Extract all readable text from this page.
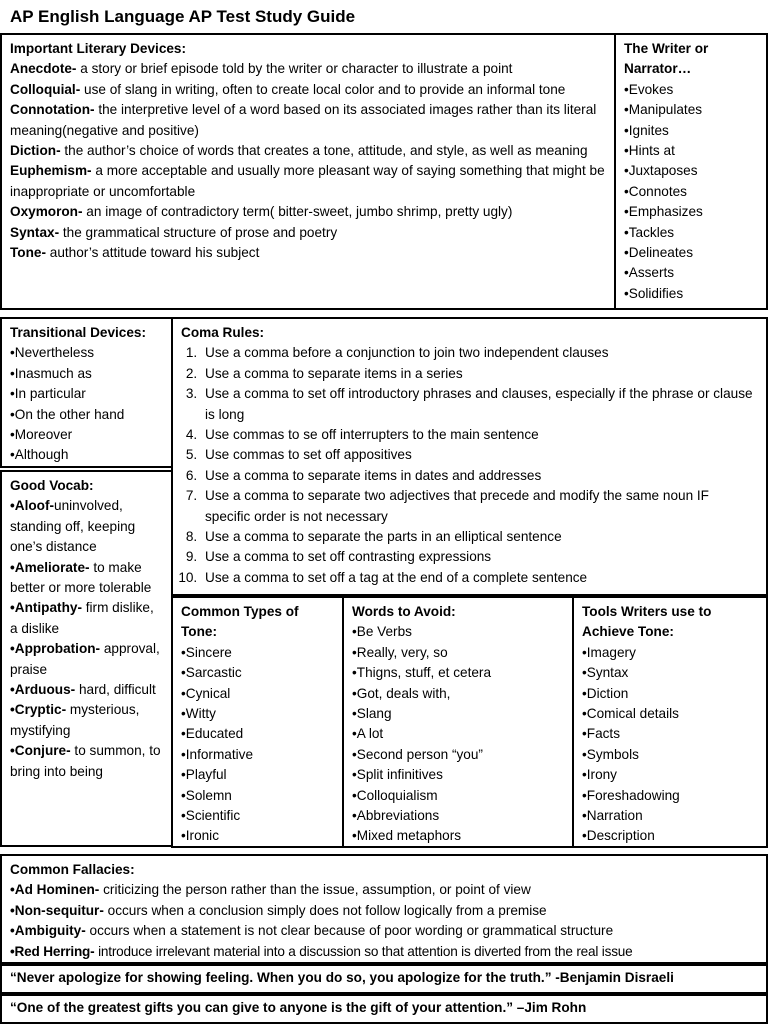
AP English Language AP Test Study Guide
Important Literary Devices:
Anecdote- a story or brief episode told by the writer or character to illustrate a point
Colloquial- use of slang in writing, often to create local color and to provide an informal tone
Connotation- the interpretive level of a word based on its associated images rather than its literal meaning(negative and positive)
Diction- the author’s choice of words that creates a tone, attitude, and style, as well as meaning
Euphemism- a more acceptable and usually more pleasant way of saying something that might be inappropriate or uncomfortable
Oxymoron- an image of contradictory term( bitter-sweet, jumbo shrimp, pretty ugly)
Syntax- the grammatical structure of prose and poetry
Tone- author’s attitude toward his subject
The Writer or
Narrator…
•Evokes
•Manipulates
•Ignites
•Hints at
•Juxtaposes
•Connotes
•Emphasizes
•Tackles
•Delineates
•Asserts
•Solidifies
Transitional Devices:
•Nevertheless
•Inasmuch as
•In particular
•On the other hand
•Moreover
•Although
Good Vocab:
•Aloof-uninvolved, standing off, keeping one’s distance
•Ameliorate- to make better or more tolerable
•Antipathy- firm dislike, a dislike
•Approbation- approval, praise
•Arduous- hard, difficult
•Cryptic- mysterious, mystifying
•Conjure- to summon, to bring into being
Coma Rules:
1. Use a comma before a conjunction to join two independent clauses
2. Use a comma to separate items in a series
3. Use a comma to set off introductory phrases and clauses, especially if the phrase or clause is long
4. Use commas to se off interrupters to the main sentence
5. Use commas to set off appositives
6. Use a comma to separate items in dates and addresses
7. Use a comma to separate two adjectives that precede and modify the same noun IF specific order is not necessary
8. Use a comma to separate the parts in an elliptical sentence
9. Use a comma to set off contrasting expressions
10. Use a comma to set off a tag at the end of a complete sentence
Common Types of Tone:
•Sincere
•Sarcastic
•Cynical
•Witty
•Educated
•Informative
•Playful
•Solemn
•Scientific
•Ironic
Words to Avoid:
•Be Verbs
•Really, very, so
•Thigns, stuff, et cetera
•Got, deals with,
•Slang
•A lot
•Second person “you”
•Split infinitives
•Colloquialism
•Abbreviations
•Mixed metaphors
Tools Writers use to Achieve Tone:
•Imagery
•Syntax
•Diction
•Comical details
•Facts
•Symbols
•Irony
•Foreshadowing
•Narration
•Description
Common Fallacies:
•Ad Hominen- criticizing the person rather than the issue, assumption, or point of view
•Non-sequitur- occurs when a conclusion simply does not follow logically from a premise
•Ambiguity- occurs when a statement is not clear because of poor wording or grammatical structure
•Red Herring- introduce irrelevant material into a discussion so that attention is diverted from the real issue
“Never apologize for showing feeling. When you do so, you apologize for the truth.” -Benjamin Disraeli
“One of the greatest gifts you can give to anyone is the gift of your attention.” –Jim Rohn
